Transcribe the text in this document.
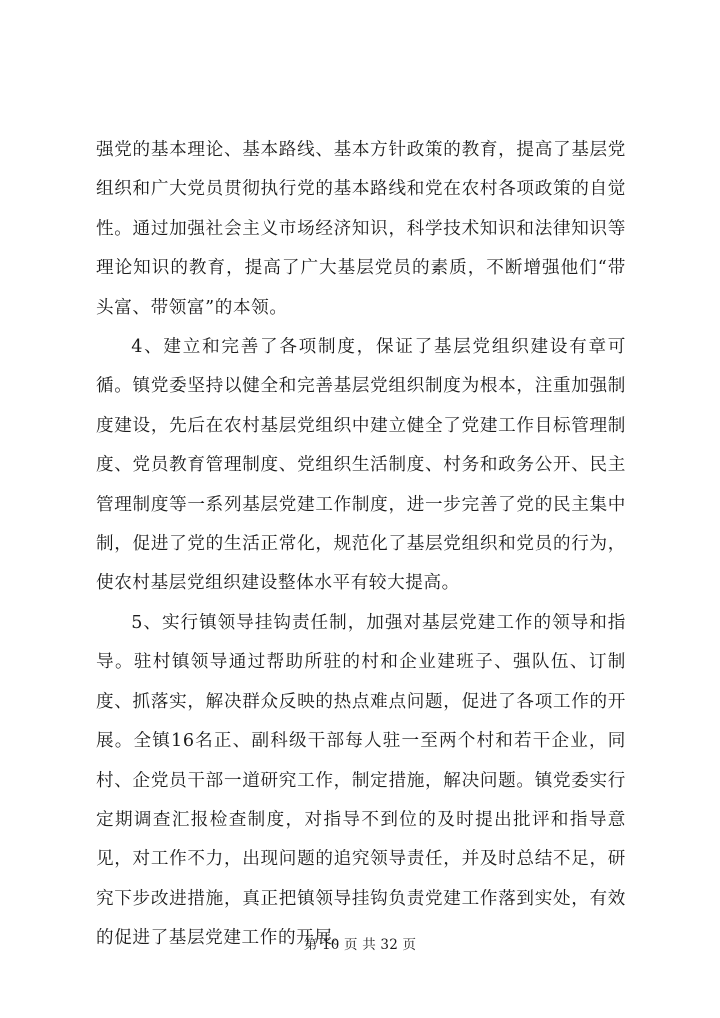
强党的基本理论、基本路线、基本方针政策的教育，提高了基层党组织和广大党员贯彻执行党的基本路线和党在农村各项政策的自觉性。通过加强社会主义市场经济知识，科学技术知识和法律知识等理论知识的教育，提高了广大基层党员的素质，不断增强他们“带头富、带领富”的本领。

4、建立和完善了各项制度，保证了基层党组织建设有章可循。镇党委坚持以健全和完善基层党组织制度为根本，注重加强制度建设，先后在农村基层党组织中建立健全了党建工作目标管理制度、党员教育管理制度、党组织生活制度、村务和政务公开、民主管理制度等一系列基层党建工作制度，进一步完善了党的民主集中制，促进了党的生活正常化，规范化了基层党组织和党员的行为，使农村基层党组织建设整体水平有较大提高。

5、实行镇领导挂钩责任制，加强对基层党建工作的领导和指导。驻村镇领导通过帮助所驻的村和企业建班子、强队伍、订制度、抓落实，解决群众反映的热点难点问题，促进了各项工作的开展。全镇16名正、副科级干部每人驻一至两个村和若干企业，同村、企党员干部一道研究工作，制定措施，解决问题。镇党委实行定期调查汇报检查制度，对指导不到位的及时提出批评和指导意见，对工作不力，出现问题的追究领导责任，并及时总结不足，研究下步改进措施，真正把镇领导挂钩负责党建工作落到实处，有效的促进了基层党建工作的开展。

第 10 页 共 32 页
